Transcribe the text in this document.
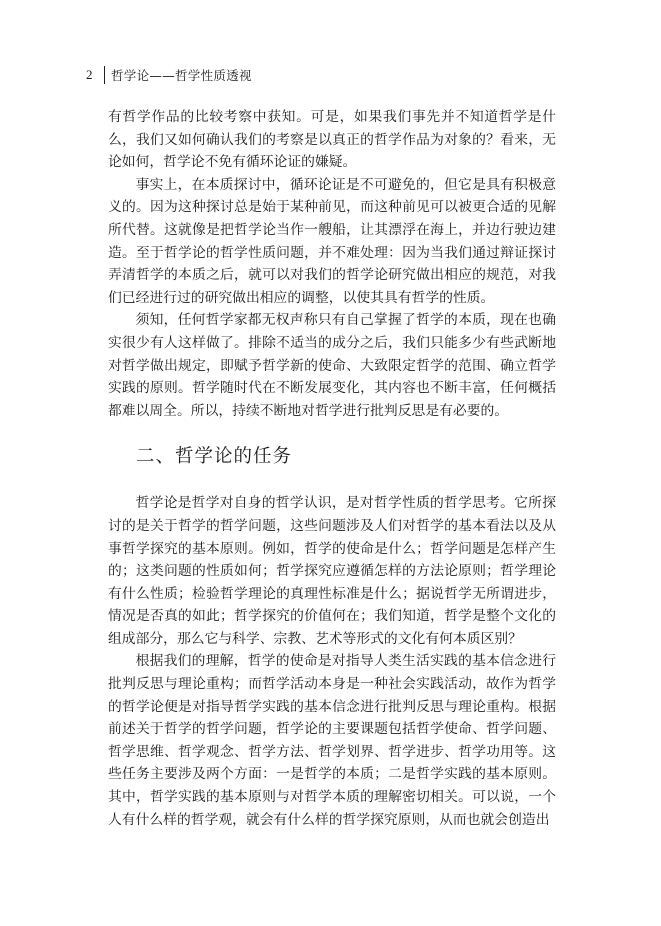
2	哲学论——哲学性质透视

有哲学作品的比较考察中获知。可是，如果我们事先并不知道哲学是什么，我们又如何确认我们的考察是以真正的哲学作品为对象的？看来，无论如何，哲学论不免有循环论证的嫌疑。

事实上，在本质探讨中，循环论证是不可避免的，但它是具有积极意义的。因为这种探讨总是始于某种前见，而这种前见可以被更合适的见解所代替。这就像是把哲学论当作一艘船，让其漂浮在海上，并边行驶边建造。至于哲学论的哲学性质问题，并不难处理：因为当我们通过辩证探讨弄清哲学的本质之后，就可以对我们的哲学论研究做出相应的规范，对我们已经进行过的研究做出相应的调整，以使其具有哲学的性质。

须知，任何哲学家都无权声称只有自己掌握了哲学的本质，现在也确实很少有人这样做了。排除不适当的成分之后，我们只能多少有些武断地对哲学做出规定，即赋予哲学新的使命、大致限定哲学的范围、确立哲学实践的原则。哲学随时代在不断发展变化，其内容也不断丰富，任何概括都难以周全。所以，持续不断地对哲学进行批判反思是有必要的。

二、哲学论的任务

哲学论是哲学对自身的哲学认识，是对哲学性质的哲学思考。它所探讨的是关于哲学的哲学问题，这些问题涉及人们对哲学的基本看法以及从事哲学探究的基本原则。例如，哲学的使命是什么；哲学问题是怎样产生的；这类问题的性质如何；哲学探究应遵循怎样的方法论原则；哲学理论有什么性质；检验哲学理论的真理性标准是什么；据说哲学无所谓进步，情况是否真的如此；哲学探究的价值何在；我们知道，哲学是整个文化的组成部分，那么它与科学、宗教、艺术等形式的文化有何本质区别？

根据我们的理解，哲学的使命是对指导人类生活实践的基本信念进行批判反思与理论重构；而哲学活动本身是一种社会实践活动，故作为哲学的哲学论便是对指导哲学实践的基本信念进行批判反思与理论重构。根据前述关于哲学的哲学问题，哲学论的主要课题包括哲学使命、哲学问题、哲学思维、哲学观念、哲学方法、哲学划界、哲学进步、哲学功用等。这些任务主要涉及两个方面：一是哲学的本质；二是哲学实践的基本原则。其中，哲学实践的基本原则与对哲学本质的理解密切相关。可以说，一个人有什么样的哲学观，就会有什么样的哲学探究原则，从而也就会创造出
